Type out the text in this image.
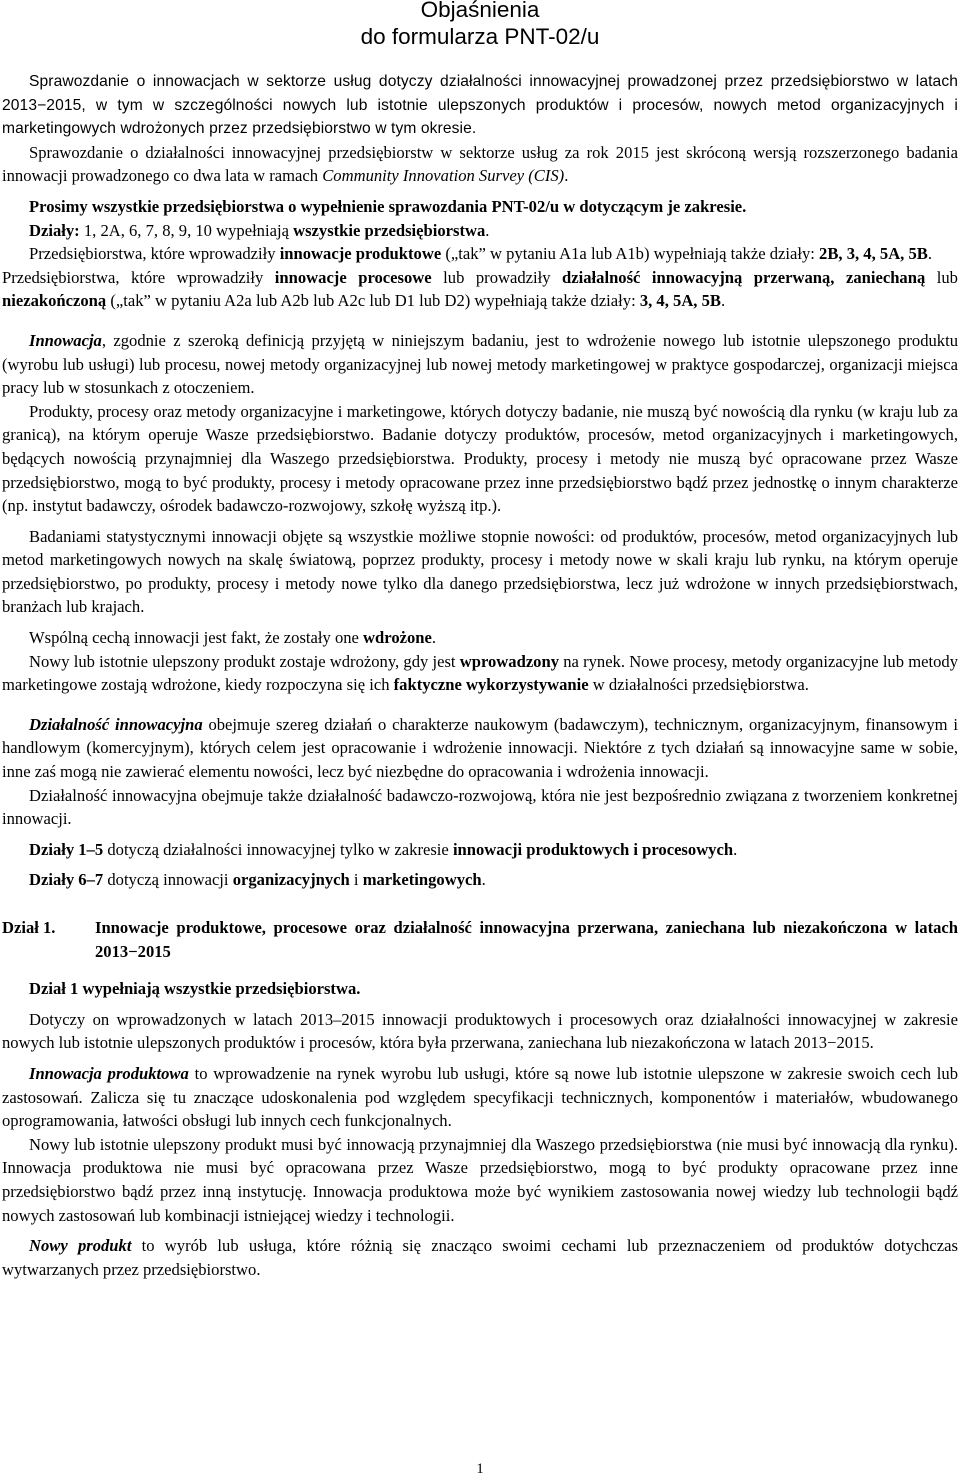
Objaśnienia
do formularza PNT-02/u

Sprawozdanie o innowacjach w sektorze usług dotyczy działalności innowacyjnej prowadzonej przez przedsiębiorstwo w latach 2013−2015, w tym w szczególności nowych lub istotnie ulepszonych produktów i procesów, nowych metod organizacyjnych i marketingowych wdrożonych przez przedsiębiorstwo w tym okresie.

Sprawozdanie o działalności innowacyjnej przedsiębiorstw w sektorze usług za rok 2015 jest skróconą wersją rozszerzonego badania innowacji prowadzonego co dwa lata w ramach Community Innovation Survey (CIS).

Prosimy wszystkie przedsiębiorstwa o wypełnienie sprawozdania PNT-02/u w dotyczącym je zakresie.

Działy: 1, 2A, 6, 7, 8, 9, 10 wypełniają wszystkie przedsiębiorstwa.

Przedsiębiorstwa, które wprowadziły innowacje produktowe („tak” w pytaniu A1a lub A1b) wypełniają także działy: 2B, 3, 4, 5A, 5B.

Przedsiębiorstwa, które wprowadziły innowacje procesowe lub prowadziły działalność innowacyjną przerwaną, zaniechaną lub niezakończoną („tak” w pytaniu A2a lub A2b lub A2c lub D1 lub D2) wypełniają także działy: 3, 4, 5A, 5B.

Innowacja, zgodnie z szeroką definicją przyjętą w niniejszym badaniu, jest to wdrożenie nowego lub istotnie ulepszonego produktu (wyrobu lub usługi) lub procesu, nowej metody organizacyjnej lub nowej metody marketingowej w praktyce gospodarczej, organizacji miejsca pracy lub w stosunkach z otoczeniem.

Produkty, procesy oraz metody organizacyjne i marketingowe, których dotyczy badanie, nie muszą być nowością dla rynku (w kraju lub za granicą), na którym operuje Wasze przedsiębiorstwo. Badanie dotyczy produktów, procesów, metod organizacyjnych i marketingowych, będących nowością przynajmniej dla Waszego przedsiębiorstwa. Produkty, procesy i metody nie muszą być opracowane przez Wasze przedsiębiorstwo, mogą to być produkty, procesy i metody opracowane przez inne przedsiębiorstwo bądź przez jednostkę o innym charakterze (np. instytut badawczy, ośrodek badawczo-rozwojowy, szkołę wyższą itp.).

Badaniami statystycznymi innowacji objęte są wszystkie możliwe stopnie nowości: od produktów, procesów, metod organizacyjnych lub metod marketingowych nowych na skalę światową, poprzez produkty, procesy i metody nowe w skali kraju lub rynku, na którym operuje przedsiębiorstwo, po produkty, procesy i metody nowe tylko dla danego przedsiębiorstwa, lecz już wdrożone w innych przedsiębiorstwach, branżach lub krajach.

Wspólną cechą innowacji jest fakt, że zostały one wdrożone.

Nowy lub istotnie ulepszony produkt zostaje wdrożony, gdy jest wprowadzony na rynek. Nowe procesy, metody organizacyjne lub metody marketingowe zostają wdrożone, kiedy rozpoczyna się ich faktyczne wykorzystywanie w działalności przedsiębiorstwa.

Działalność innowacyjna obejmuje szereg działań o charakterze naukowym (badawczym), technicznym, organizacyjnym, finansowym i handlowym (komercyjnym), których celem jest opracowanie i wdrożenie innowacji. Niektóre z tych działań są innowacyjne same w sobie, inne zaś mogą nie zawierać elementu nowości, lecz być niezbędne do opracowania i wdrożenia innowacji.

Działalność innowacyjna obejmuje także działalność badawczo-rozwojową, która nie jest bezpośrednio związana z tworzeniem konkretnej innowacji.

Działy 1–5 dotyczą działalności innowacyjnej tylko w zakresie innowacji produktowych i procesowych.

Działy 6–7 dotyczą innowacji organizacyjnych i marketingowych.

Dział 1.	Innowacje produktowe, procesowe oraz działalność innowacyjna przerwana, zaniechana lub niezakończona w latach 2013−2015

Dział 1 wypełniają wszystkie przedsiębiorstwa.

Dotyczy on wprowadzonych w latach 2013–2015 innowacji produktowych i procesowych oraz działalności innowacyjnej w zakresie nowych lub istotnie ulepszonych produktów i procesów, która była przerwana, zaniechana lub niezakończona w latach 2013−2015.

Innowacja produktowa to wprowadzenie na rynek wyrobu lub usługi, które są nowe lub istotnie ulepszone w zakresie swoich cech lub zastosowań. Zalicza się tu znaczące udoskonalenia pod względem specyfikacji technicznych, komponentów i materiałów, wbudowanego oprogramowania, łatwości obsługi lub innych cech funkcjonalnych.

Nowy lub istotnie ulepszony produkt musi być innowacją przynajmniej dla Waszego przedsiębiorstwa (nie musi być innowacją dla rynku). Innowacja produktowa nie musi być opracowana przez Wasze przedsiębiorstwo, mogą to być produkty opracowane przez inne przedsiębiorstwo bądź przez inną instytucję. Innowacja produktowa może być wynikiem zastosowania nowej wiedzy lub technologii bądź nowych zastosowań lub kombinacji istniejącej wiedzy i technologii.

Nowy produkt to wyrób lub usługa, które różnią się znacząco swoimi cechami lub przeznaczeniem od produktów dotychczas wytwarzanych przez przedsiębiorstwo.

1
